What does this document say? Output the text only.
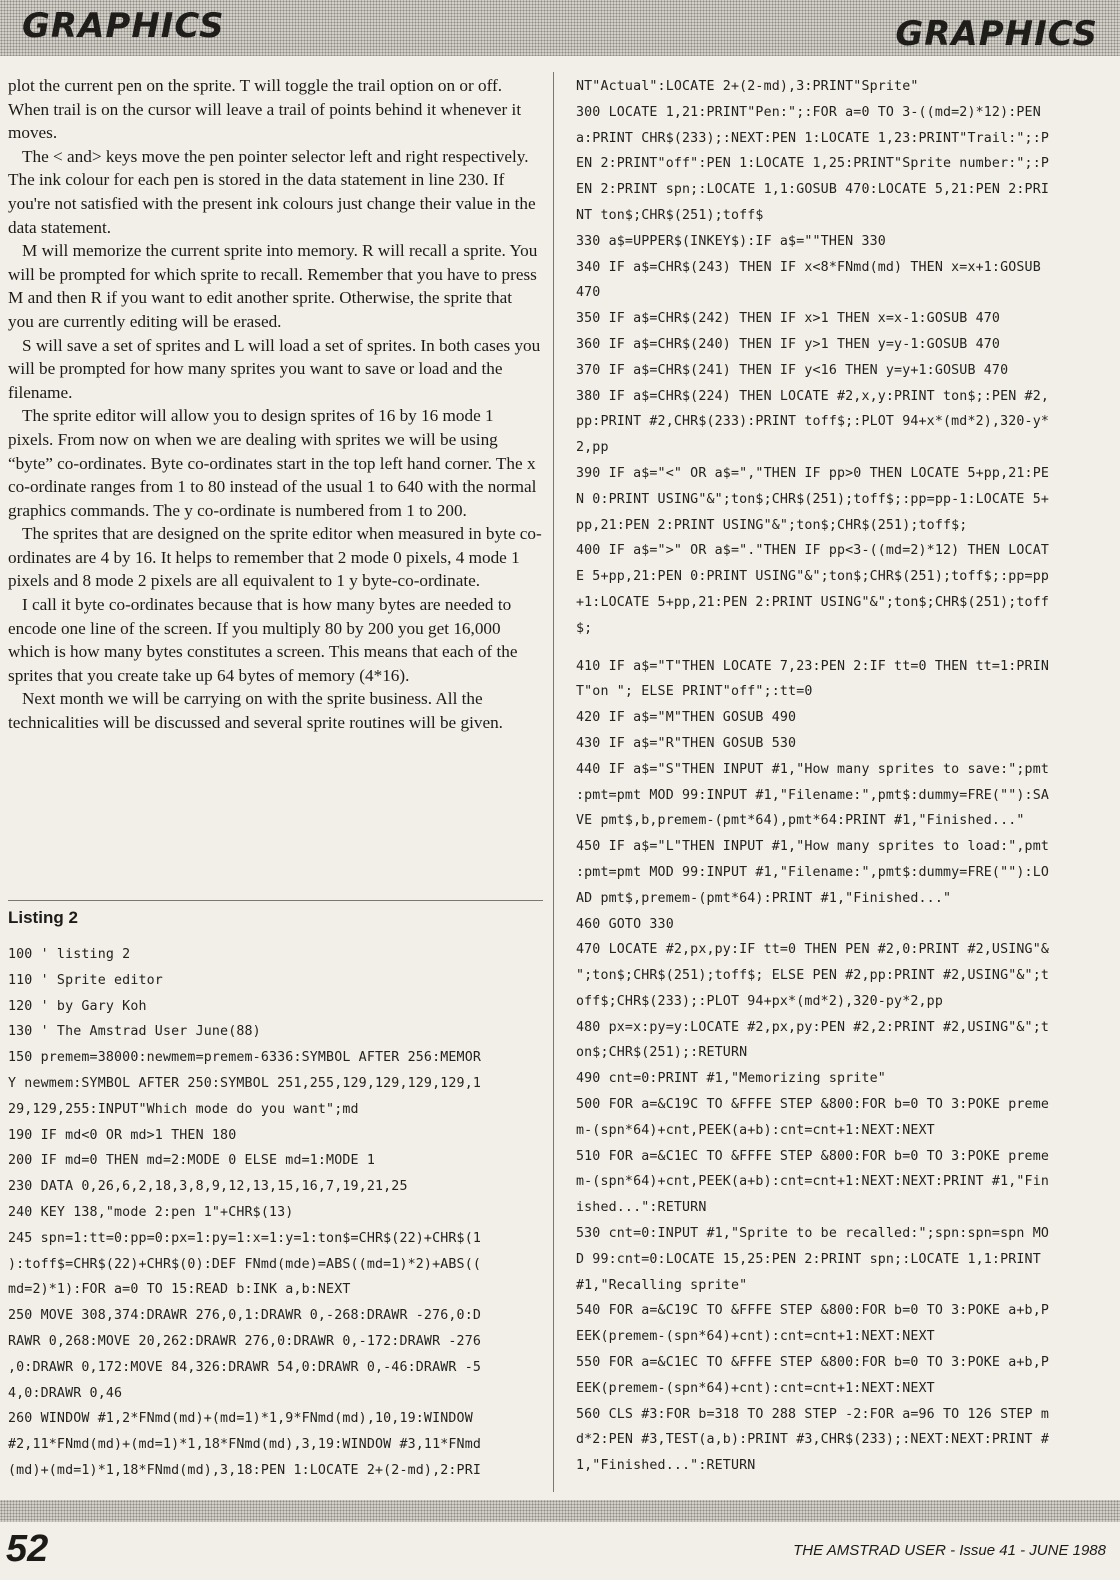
GRAPHICS	GRAPHICS

plot the current pen on the sprite. T will toggle the trail option on or off. When trail is on the cursor will leave a trail of points behind it whenever it moves.

The < and> keys move the pen pointer selector left and right respectively. The ink colour for each pen is stored in the data statement in line 230. If you're not satisfied with the present ink colours just change their value in the data statement.

M will memorize the current sprite into memory. R will recall a sprite. You will be prompted for which sprite to recall. Remember that you have to press M and then R if you want to edit another sprite. Otherwise, the sprite that you are currently editing will be erased.

S will save a set of sprites and L will load a set of sprites. In both cases you will be prompted for how many sprites you want to save or load and the filename.

The sprite editor will allow you to design sprites of 16 by 16 mode 1 pixels. From now on when we are dealing with sprites we will be using “byte” co-ordinates. Byte co-ordinates start in the top left hand corner. The x co-ordinate ranges from 1 to 80 instead of the usual 1 to 640 with the normal graphics commands. The y co-ordinate is numbered from 1 to 200.

The sprites that are designed on the sprite editor when measured in byte co-ordinates are 4 by 16. It helps to remember that 2 mode 0 pixels, 4 mode 1 pixels and 8 mode 2 pixels are all equivalent to 1 y byte-co-ordinate.

I call it byte co-ordinates because that is how many bytes are needed to encode one line of the screen. If you multiply 80 by 200 you get 16,000 which is how many bytes constitutes a screen. This means that each of the sprites that you create take up 64 bytes of memory (4*16).

Next month we will be carrying on with the sprite business. All the technicalities will be discussed and several sprite routines will be given.

Listing 2
100 ' listing 2
110 ' Sprite editor
120 ' by Gary Koh
130 ' The Amstrad User June(88)
150 premem=38000:newmem=premem-6336:SYMBOL AFTER 256:MEMOR
Y newmem:SYMBOL AFTER 250:SYMBOL 251,255,129,129,129,129,1
29,129,255:INPUT"Which mode do you want";md
190 IF md<0 OR md>1 THEN 180
200 IF md=0 THEN md=2:MODE 0 ELSE md=1:MODE 1
230 DATA 0,26,6,2,18,3,8,9,12,13,15,16,7,19,21,25
240 KEY 138,"mode 2:pen 1"+CHR$(13)
245 spn=1:tt=0:pp=0:px=1:py=1:x=1:y=1:ton$=CHR$(22)+CHR$(1
):toff$=CHR$(22)+CHR$(0):DEF FNmd(mde)=ABS((md=1)*2)+ABS((
md=2)*1):FOR a=0 TO 15:READ b:INK a,b:NEXT
250 MOVE 308,374:DRAWR 276,0,1:DRAWR 0,-268:DRAWR -276,0:D
RAWR 0,268:MOVE 20,262:DRAWR 276,0:DRAWR 0,-172:DRAWR -276
,0:DRAWR 0,172:MOVE 84,326:DRAWR 54,0:DRAWR 0,-46:DRAWR -5
4,0:DRAWR 0,46
260 WINDOW #1,2*FNmd(md)+(md=1)*1,9*FNmd(md),10,19:WINDOW
#2,11*FNmd(md)+(md=1)*1,18*FNmd(md),3,19:WINDOW #3,11*FNmd
(md)+(md=1)*1,18*FNmd(md),3,18:PEN 1:LOCATE 2+(2-md),2:PRI
NT"Actual":LOCATE 2+(2-md),3:PRINT"Sprite"
300 LOCATE 1,21:PRINT"Pen:";:FOR a=0 TO 3-((md=2)*12):PEN
a:PRINT CHR$(233);:NEXT:PEN 1:LOCATE 1,23:PRINT"Trail:";:P
EN 2:PRINT"off":PEN 1:LOCATE 1,25:PRINT"Sprite number:";:P
EN 2:PRINT spn;:LOCATE 1,1:GOSUB 470:LOCATE 5,21:PEN 2:PRI
NT ton$;CHR$(251);toff$
330 a$=UPPER$(INKEY$):IF a$=""THEN 330
340 IF a$=CHR$(243) THEN IF x<8*FNmd(md) THEN x=x+1:GOSUB
470
350 IF a$=CHR$(242) THEN IF x>1 THEN x=x-1:GOSUB 470
360 IF a$=CHR$(240) THEN IF y>1 THEN y=y-1:GOSUB 470
370 IF a$=CHR$(241) THEN IF y<16 THEN y=y+1:GOSUB 470
380 IF a$=CHR$(224) THEN LOCATE #2,x,y:PRINT ton$;:PEN #2,
pp:PRINT #2,CHR$(233):PRINT toff$;:PLOT 94+x*(md*2),320-y*
2,pp
390 IF a$="<" OR a$=","THEN IF pp>0 THEN LOCATE 5+pp,21:PE
N 0:PRINT USING"&";ton$;CHR$(251);toff$;:pp=pp-1:LOCATE 5+
pp,21:PEN 2:PRINT USING"&";ton$;CHR$(251);toff$;
400 IF a$=">" OR a$="."THEN IF pp<3-((md=2)*12) THEN LOCAT
E 5+pp,21:PEN 0:PRINT USING"&";ton$;CHR$(251);toff$;:pp=pp
+1:LOCATE 5+pp,21:PEN 2:PRINT USING"&";ton$;CHR$(251);toff
$;
410 IF a$="T"THEN LOCATE 7,23:PEN 2:IF tt=0 THEN tt=1:PRIN
T"on "; ELSE PRINT"off";:tt=0
420 IF a$="M"THEN GOSUB 490
430 IF a$="R"THEN GOSUB 530
440 IF a$="S"THEN INPUT #1,"How many sprites to save:";pmt
:pmt=pmt MOD 99:INPUT #1,"Filename:",pmt$:dummy=FRE(""):SA
VE pmt$,b,premem-(pmt*64),pmt*64:PRINT #1,"Finished..."
450 IF a$="L"THEN INPUT #1,"How many sprites to load:",pmt
:pmt=pmt MOD 99:INPUT #1,"Filename:",pmt$:dummy=FRE(""):LO
AD pmt$,premem-(pmt*64):PRINT #1,"Finished..."
460 GOTO 330
470 LOCATE #2,px,py:IF tt=0 THEN PEN #2,0:PRINT #2,USING"&
";ton$;CHR$(251);toff$; ELSE PEN #2,pp:PRINT #2,USING"&";t
off$;CHR$(233);:PLOT 94+px*(md*2),320-py*2,pp
480 px=x:py=y:LOCATE #2,px,py:PEN #2,2:PRINT #2,USING"&";t
on$;CHR$(251);:RETURN
490 cnt=0:PRINT #1,"Memorizing sprite"
500 FOR a=&C19C TO &FFFE STEP &800:FOR b=0 TO 3:POKE preme
m-(spn*64)+cnt,PEEK(a+b):cnt=cnt+1:NEXT:NEXT
510 FOR a=&C1EC TO &FFFE STEP &800:FOR b=0 TO 3:POKE preme
m-(spn*64)+cnt,PEEK(a+b):cnt=cnt+1:NEXT:NEXT:PRINT #1,"Fin
ished...":RETURN
530 cnt=0:INPUT #1,"Sprite to be recalled:";spn:spn=spn MO
D 99:cnt=0:LOCATE 15,25:PEN 2:PRINT spn;:LOCATE 1,1:PRINT
#1,"Recalling sprite"
540 FOR a=&C19C TO &FFFE STEP &800:FOR b=0 TO 3:POKE a+b,P
EEK(premem-(spn*64)+cnt):cnt=cnt+1:NEXT:NEXT
550 FOR a=&C1EC TO &FFFE STEP &800:FOR b=0 TO 3:POKE a+b,P
EEK(premem-(spn*64)+cnt):cnt=cnt+1:NEXT:NEXT
560 CLS #3:FOR b=318 TO 288 STEP -2:FOR a=96 TO 126 STEP m
d*2:PEN #3,TEST(a,b):PRINT #3,CHR$(233);:NEXT:NEXT:PRINT #
1,"Finished...":RETURN
52	THE AMSTRAD USER - Issue 41 - JUNE 1988
